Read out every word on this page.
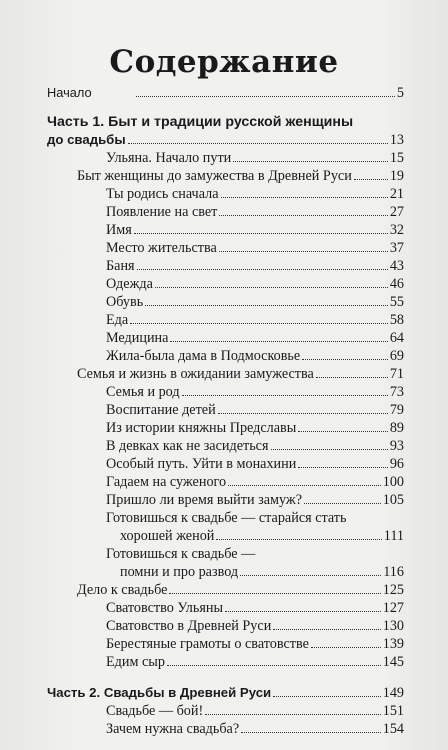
Содержание
Начало	5
Часть 1. Быт и традиции русской женщины
до свадьбы	13
Ульяна. Начало пути	15
Быт женщины до замужества в Древней Руси	19
Ты родись сначала	21
Появление на свет	27
Имя	32
Место жительства	37
Баня	43
Одежда	46
Обувь	55
Еда	58
Медицина	64
Жила-была дама в Подмосковье	69
Семья и жизнь в ожидании замужества	71
Семья и род	73
Воспитание детей	79
Из истории княжны Предславы	89
В девках как не засидеться	93
Особый путь. Уйти в монахини	96
Гадаем на суженого	100
Пришло ли время выйти замуж?	105
Готовишься к свадьбе — старайся стать
хорошей женой	111
Готовишься к свадьбе —
помни и про развод	116
Дело к свадьбе	125
Сватовство Ульяны	127
Сватовство в Древней Руси	130
Берестяные грамоты о сватовстве	139
Едим сыр	145
Часть 2. Свадьбы в Древней Руси	149
Свадьбе — бой!	151
Зачем нужна свадьба?	154
